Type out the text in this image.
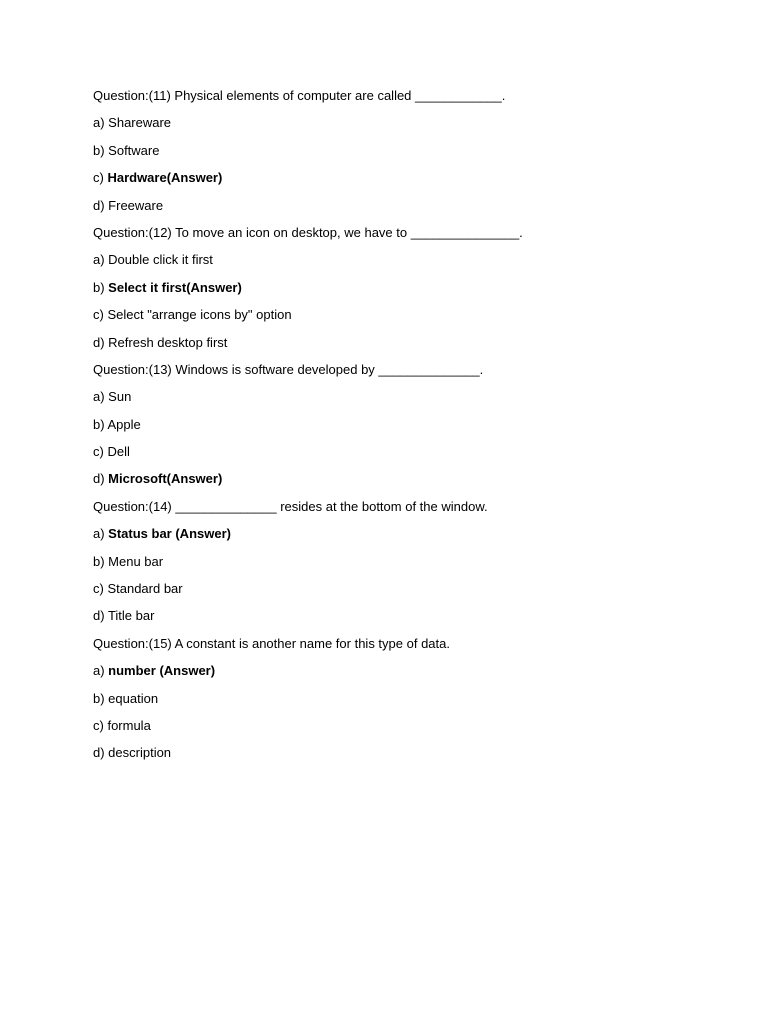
Question:(11) Physical elements of computer are called ____________.
a) Shareware
b) Software
c) Hardware(Answer)
d) Freeware
Question:(12) To move an icon on desktop, we have to _______________.
a) Double click it first
b) Select it first(Answer)
c) Select "arrange icons by" option
d) Refresh desktop first
Question:(13) Windows is software developed by ______________.
a) Sun
b) Apple
c) Dell
d) Microsoft(Answer)
Question:(14) ______________ resides at the bottom of the window.
a) Status bar (Answer)
b) Menu bar
c) Standard bar
d) Title bar
Question:(15) A constant is another name for this type of data.
a) number (Answer)
b) equation
c) formula
d) description
